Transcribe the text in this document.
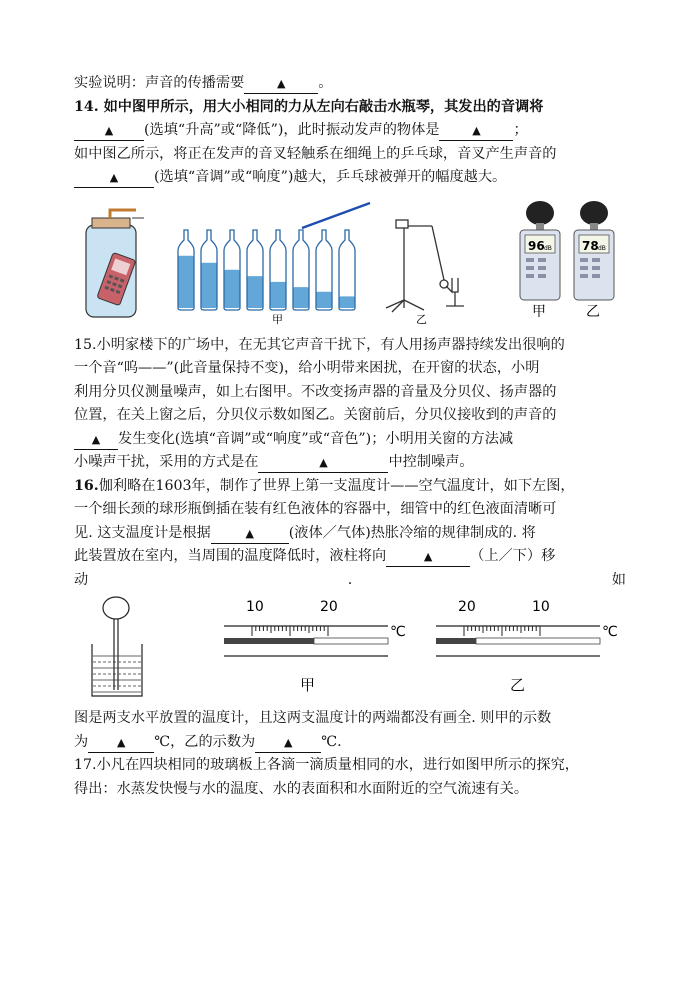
实验说明：声音的传播需要	▲ 。
14. 如中图甲所示，用大小相同的力从左向右敲击水瓶琴，其发出的音调将
▲ (选填“升高”或“降低”)，此时振动发声的物体是	▲ ；
如中图乙所示，将正在发声的音叉轻触系在细绳上的乒乓球，音叉产生声音的
▲	(选填“音调”或“响度”)越大，乒乓球被弹开的幅度越大。
甲	乙
96 dB	78 dB
甲	乙
15.小明家楼下的广场中，在无其它声音干扰下，有人用扬声器持续发出很响的
一个音“呜——”(此音量保持不变)，给小明带来困扰，在开窗的状态，小明
利用分贝仪测量噪声，如上右图甲。不改变扬声器的音量及分贝仪、扬声器的
位置，在关上窗之后，分贝仪示数如图乙。关窗前后，分贝仪接收到的声音的
▲ 发生变化(选填“音调”或“响度”或“音色”)；小明用关窗的方法减
小噪声干扰，采用的方式是在	▲	中控制噪声。
16.伽利略在1603年，制作了世界上第一支温度计——空气温度计，如下左图，
一个细长颈的球形瓶倒插在装有红色液体的容器中，细管中的红色液面清晰可
见. 这支温度计是根据	▲ (液体／气体)热胀冷缩的规律制成的. 将
此装置放在室内，当周围的温度降低时，液柱将向	▲	（上／下）移
动	.	如
10	20
℃
甲
20	10
℃
乙
图是两支水平放置的温度计，且这两支温度计的两端都没有画全. 则甲的示数
为	▲ ℃，乙的示数为	▲ ℃.
17.小凡在四块相同的玻璃板上各滴一滴质量相同的水，进行如图甲所示的探究，
得出：水蒸发快慢与水的温度、水的表面积和水面附近的空气流速有关。
